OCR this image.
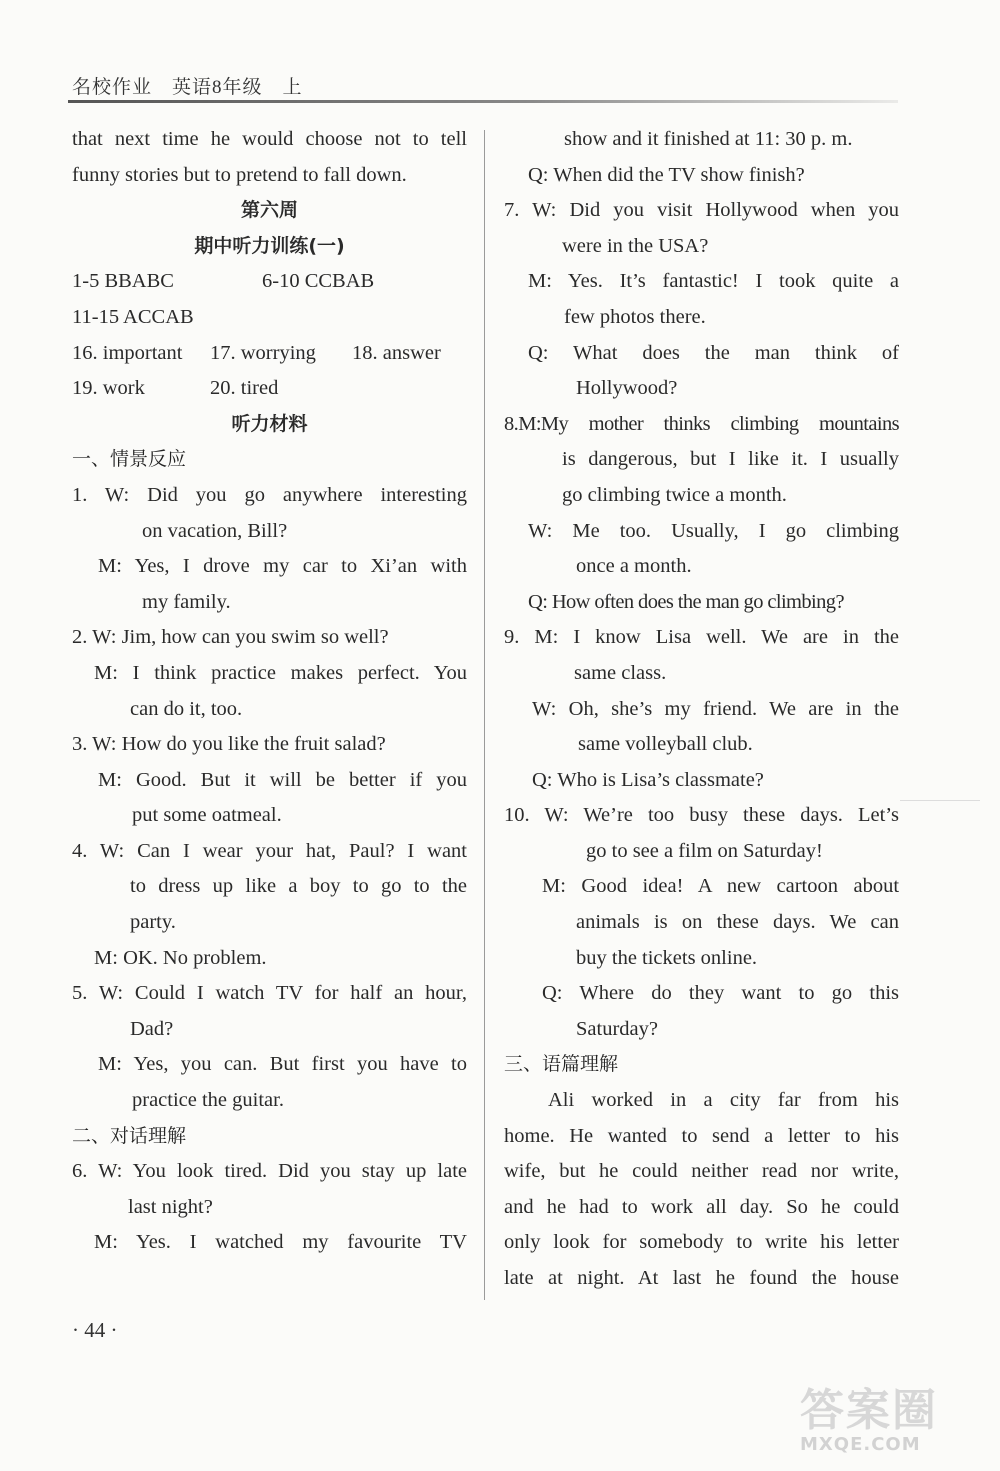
名校作业　英语8年级　上
that next time he would choose not to tell
funny stories but to pretend to fall down.
第六周
期中听力训练(一)
1-5 BBABC	6-10 CCBAB
11-15 ACCAB
16. important	17. worrying	18. answer
19. work	20. tired
听力材料
一、情景反应
1. W: Did you go anywhere interesting
on vacation, Bill?
M: Yes, I drove my car to Xi’an with
my family.
2. W: Jim, how can you swim so well?
M: I think practice makes perfect. You
can do it, too.
3. W: How do you like the fruit salad?
M: Good. But it will be better if you
put some oatmeal.
4. W: Can I wear your hat, Paul? I want
to dress up like a boy to go to the
party.
M: OK. No problem.
5. W: Could I watch TV for half an hour,
Dad?
M: Yes, you can. But first you have to
practice the guitar.
二、对话理解
6. W: You look tired. Did you stay up late
last night?
M: Yes. I watched my favourite TV
show and it finished at 11: 30 p. m.
Q: When did the TV show finish?
7. W: Did you visit Hollywood when you
were in the USA?
M: Yes. It’s fantastic! I took quite a
few photos there.
Q: What does the man think of
Hollywood?
8.M:My mother thinks climbing mountains
is dangerous, but I like it. I usually
go climbing twice a month.
W: Me too. Usually, I go climbing
once a month.
Q: How often does the man go climbing?
9. M: I know Lisa well. We are in the
same class.
W: Oh, she’s my friend. We are in the
same volleyball club.
Q: Who is Lisa’s classmate?
10. W: We’re too busy these days. Let’s
go to see a film on Saturday!
M: Good idea! A new cartoon about
animals is on these days. We can
buy the tickets online.
Q: Where do they want to go this
Saturday?
三、语篇理解
Ali worked in a city far from his
home. He wanted to send a letter to his
wife, but he could neither read nor write,
and he had to work all day. So he could
only look for somebody to write his letter
late at night. At last he found the house
· 44 ·
答案圈
MXQE.COM
